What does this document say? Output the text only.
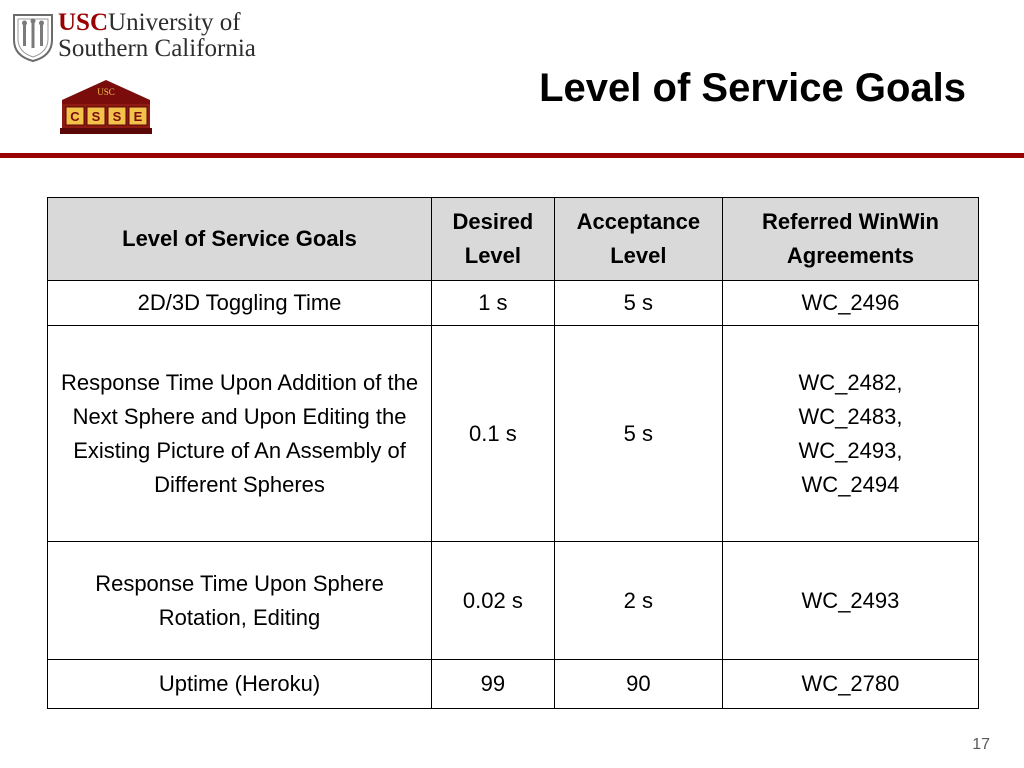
USCUniversity of
Southern California
USC
C S S E
Level of Service Goals
Level of Service Goals	Desired Level	Acceptance Level	Referred WinWin Agreements
2D/3D Toggling Time	1 s	5 s	WC_2496
Response Time Upon Addition of the Next Sphere and Upon Editing the Existing Picture of An Assembly of Different Spheres	0.1 s	5 s	WC_2482, WC_2483, WC_2493, WC_2494
Response Time Upon Sphere Rotation, Editing	0.02 s	2 s	WC_2493
Uptime (Heroku)	99	90	WC_2780
17
